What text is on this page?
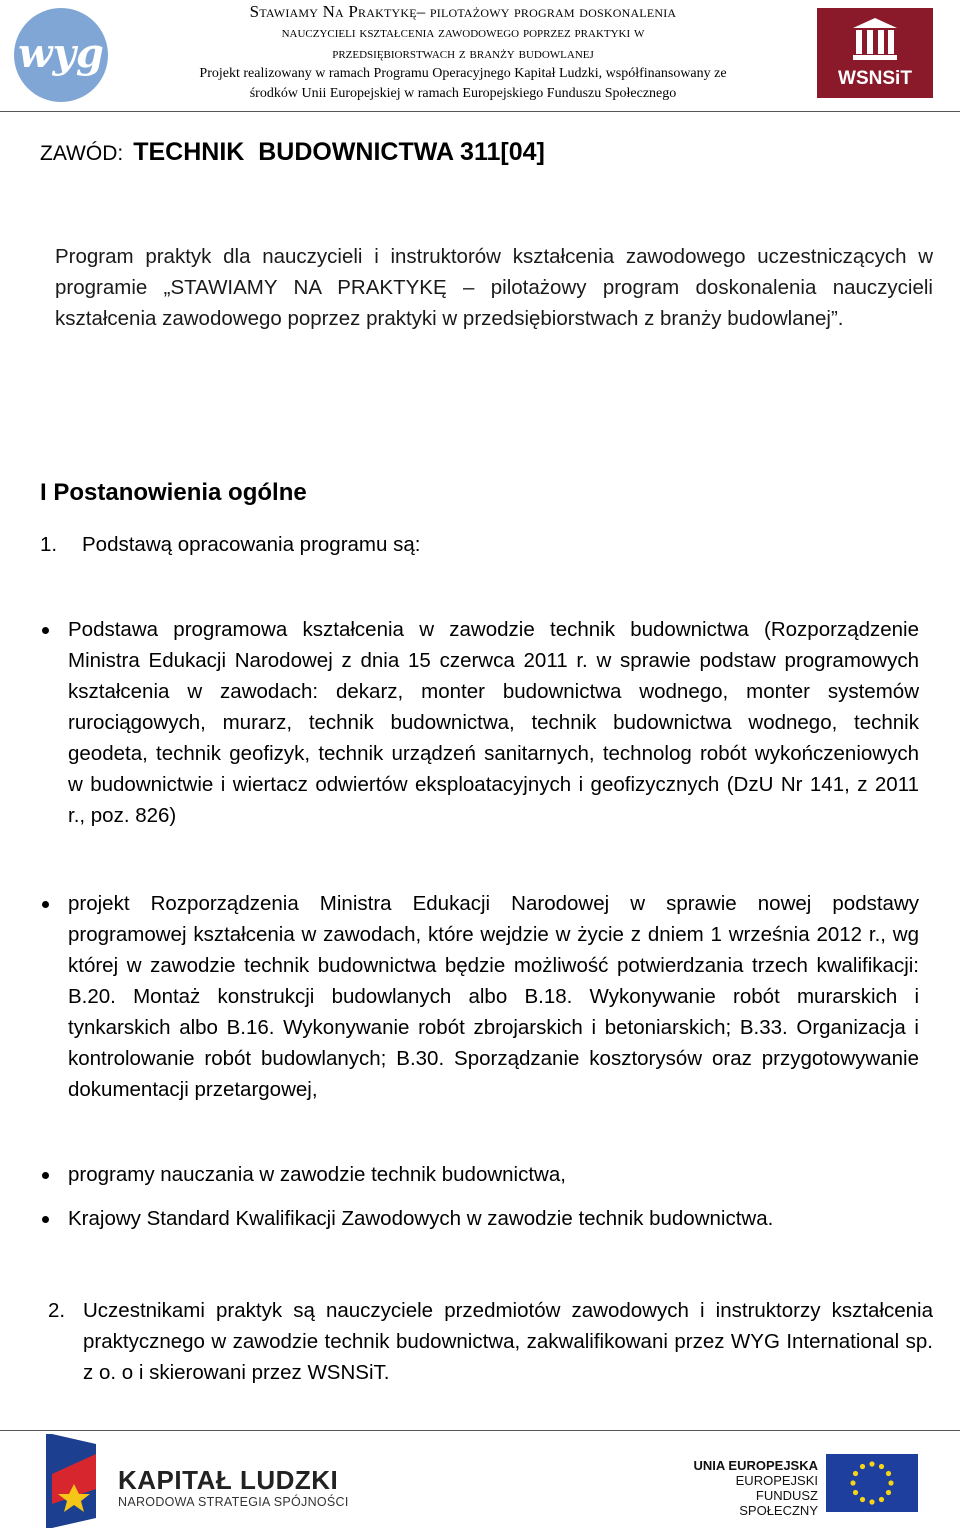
wyg
Stawiamy Na Praktykę– pilotażowy program doskonalenia
nauczycieli kształcenia zawodowego poprzez praktyki w
przedsiębiorstwach z branży budowlanej
Projekt realizowany w ramach Programu Operacyjnego Kapitał Ludzki, współfinansowany ze
środków Unii Europejskiej w ramach Europejskiego Funduszu Społecznego
WSNSiT
ZAWÓD: TECHNIK  BUDOWNICTWA 311[04]
Program praktyk dla nauczycieli i instruktorów kształcenia zawodowego uczestniczących w programie „STAWIAMY NA PRAKTYKĘ – pilotażowy program doskonalenia nauczycieli kształcenia zawodowego poprzez praktyki w przedsiębiorstwach z branży budowlanej”.
I Postanowienia ogólne
1. Podstawą opracowania programu są:
Podstawa programowa kształcenia w zawodzie technik budownictwa (Rozporządzenie Ministra Edukacji Narodowej z dnia 15 czerwca 2011 r. w sprawie podstaw programowych kształcenia w zawodach: dekarz, monter budownictwa wodnego, monter systemów rurociągowych, murarz, technik budownictwa, technik budownictwa wodnego, technik geodeta, technik geofizyk, technik urządzeń sanitarnych, technolog robót wykończeniowych w budownictwie i wiertacz odwiertów eksploatacyjnych i geofizycznych (DzU Nr 141, z 2011 r., poz. 826)
projekt Rozporządzenia Ministra Edukacji Narodowej w sprawie nowej podstawy programowej kształcenia w zawodach, które wejdzie w życie z dniem 1 września 2012 r., wg której w zawodzie technik budownictwa będzie możliwość potwierdzania trzech kwalifikacji: B.20. Montaż konstrukcji budowlanych albo B.18. Wykonywanie robót murarskich i tynkarskich albo B.16. Wykonywanie robót zbrojarskich i betoniarskich; B.33. Organizacja i kontrolowanie robót budowlanych; B.30. Sporządzanie kosztorysów oraz przygotowywanie dokumentacji przetargowej,
programy nauczania w zawodzie technik budownictwa,
Krajowy Standard Kwalifikacji Zawodowych w zawodzie technik budownictwa.
2. Uczestnikami praktyk są nauczyciele przedmiotów zawodowych i instruktorzy kształcenia praktycznego w zawodzie technik budownictwa, zakwalifikowani przez WYG International sp. z o. o i skierowani przez WSNSiT.
KAPITAŁ LUDZKI
NARODOWA STRATEGIA SPÓJNOŚCI
UNIA EUROPEJSKA
EUROPEJSKI
FUNDUSZ SPOŁECZNY
